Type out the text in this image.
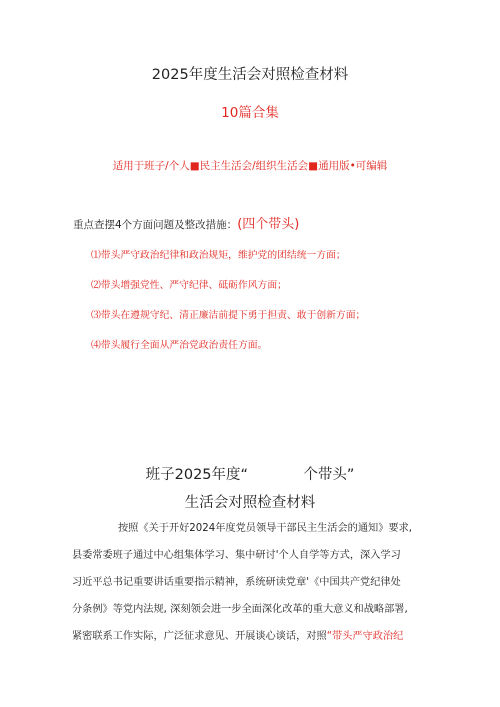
2025年度生活会对照检查材料
10篇合集
适用于班子/个人■民主生活会/组织生活会■通用版•可编辑
重点查摆4个方面问题及整改措施：(四个带头)
⑴带头严守政治纪律和政治规矩，维护党的团结统一方面；
⑵带头增强党性、严守纪律、砥砺作风方面；
⑶带头在遵规守纪、清正廉洁前提下勇于担责、敢于创新方面；
⑷带头履行全面从严治党政治责任方面。
班子2025年度“            个带头”
生活会对照检查材料
按照《关于开好2024年度党员领导干部民主生活会的通知》要求,
县委常委班子通过中心组集体学习、集中研讨'个人自学等方式，深入学习
习近平总书记重要讲话重要指示精神，系统研读党章'《中国共产党纪律处
分条例》等党内法规, 深刻领会进一步全面深化改革的重大意义和战略部署,
紧密联系工作实际，广泛征求意见、开展谈心谈话，对照“带头严守政治纪
